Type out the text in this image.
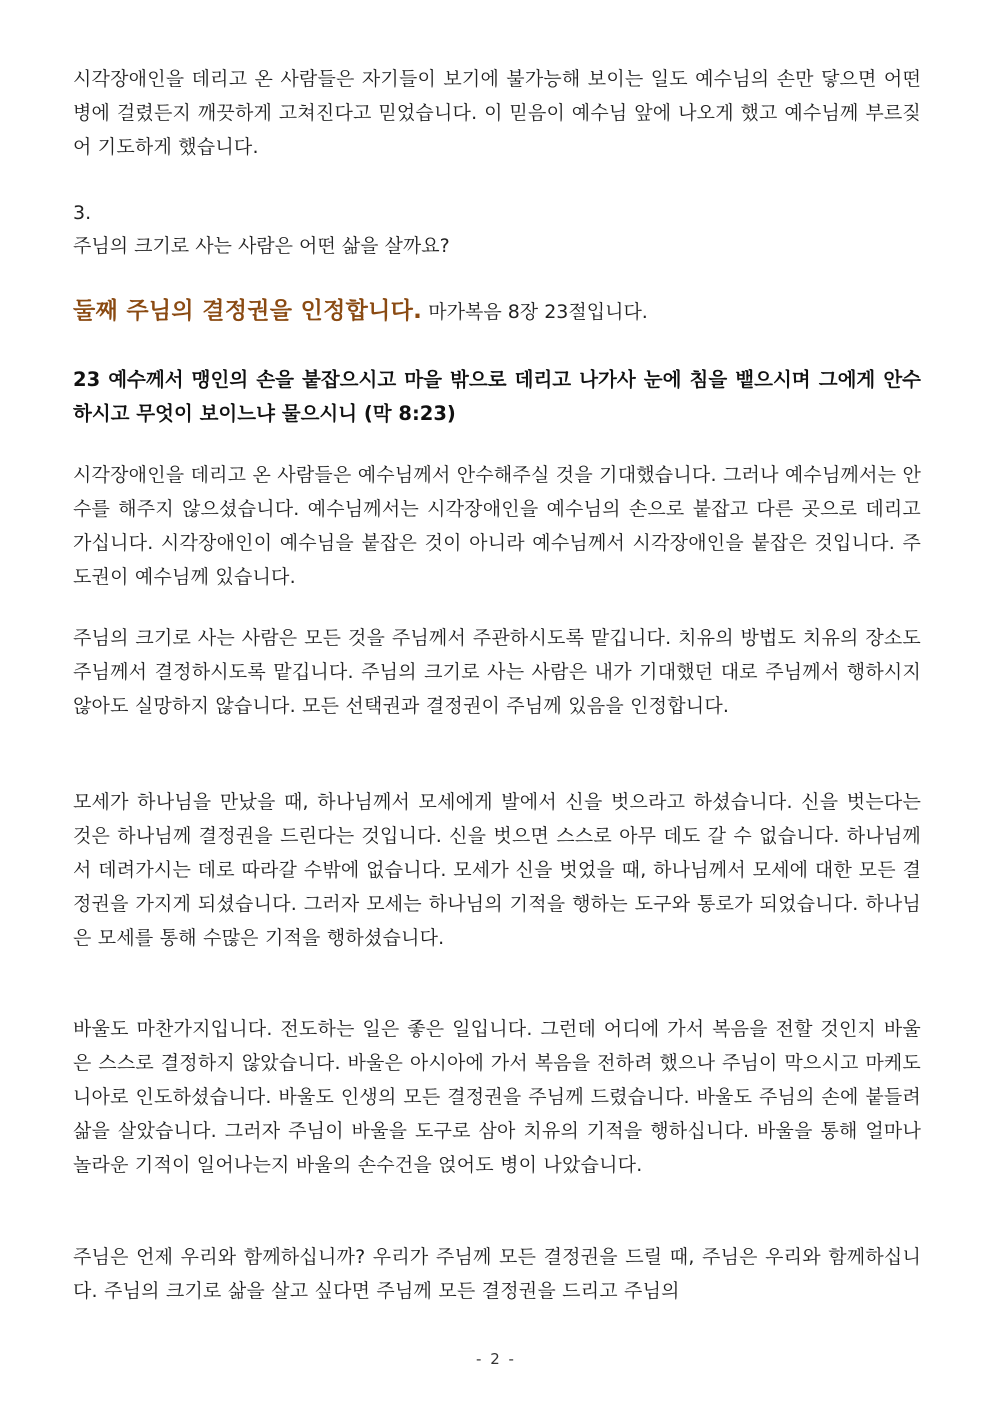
시각장애인을 데리고 온 사람들은 자기들이 보기에 불가능해 보이는 일도 예수님의 손만 닿으면 어떤 병에 걸렸든지 깨끗하게 고쳐진다고 믿었습니다. 이 믿음이 예수님 앞에 나오게 했고 예수님께 부르짖어 기도하게 했습니다.

3.

주님의 크기로 사는 사람은 어떤 삶을 살까요?

둘째 주님의 결정권을 인정합니다. 마가복음 8장 23절입니다.

23 예수께서 맹인의 손을 붙잡으시고 마을 밖으로 데리고 나가사 눈에 침을 뱉으시며 그에게 안수하시고 무엇이 보이느냐 물으시니 (막 8:23)

시각장애인을 데리고 온 사람들은 예수님께서 안수해주실 것을 기대했습니다. 그러나 예수님께서는 안수를 해주지 않으셨습니다. 예수님께서는 시각장애인을 예수님의 손으로 붙잡고 다른 곳으로 데리고 가십니다. 시각장애인이 예수님을 붙잡은 것이 아니라 예수님께서 시각장애인을 붙잡은 것입니다. 주도권이 예수님께 있습니다.

주님의 크기로 사는 사람은 모든 것을 주님께서 주관하시도록 맡깁니다. 치유의 방법도 치유의 장소도 주님께서 결정하시도록 맡깁니다. 주님의 크기로 사는 사람은 내가 기대했던 대로 주님께서 행하시지 않아도 실망하지 않습니다. 모든 선택권과 결정권이 주님께 있음을 인정합니다.

모세가 하나님을 만났을 때, 하나님께서 모세에게 발에서 신을 벗으라고 하셨습니다. 신을 벗는다는 것은 하나님께 결정권을 드린다는 것입니다. 신을 벗으면 스스로 아무 데도 갈 수 없습니다. 하나님께서 데려가시는 데로 따라갈 수밖에 없습니다. 모세가 신을 벗었을 때, 하나님께서 모세에 대한 모든 결정권을 가지게 되셨습니다. 그러자 모세는 하나님의 기적을 행하는 도구와 통로가 되었습니다. 하나님은 모세를 통해 수많은 기적을 행하셨습니다.

바울도 마찬가지입니다. 전도하는 일은 좋은 일입니다. 그런데 어디에 가서 복음을 전할 것인지 바울은 스스로 결정하지 않았습니다. 바울은 아시아에 가서 복음을 전하려 했으나 주님이 막으시고 마케도니아로 인도하셨습니다. 바울도 인생의 모든 결정권을 주님께 드렸습니다. 바울도 주님의 손에 붙들려 삶을 살았습니다. 그러자 주님이 바울을 도구로 삼아 치유의 기적을 행하십니다. 바울을 통해 얼마나 놀라운 기적이 일어나는지 바울의 손수건을 얹어도 병이 나았습니다.

주님은 언제 우리와 함께하십니까? 우리가 주님께 모든 결정권을 드릴 때, 주님은 우리와 함께하십니다. 주님의 크기로 삶을 살고 싶다면 주님께 모든 결정권을 드리고 주님의

- 2 -
